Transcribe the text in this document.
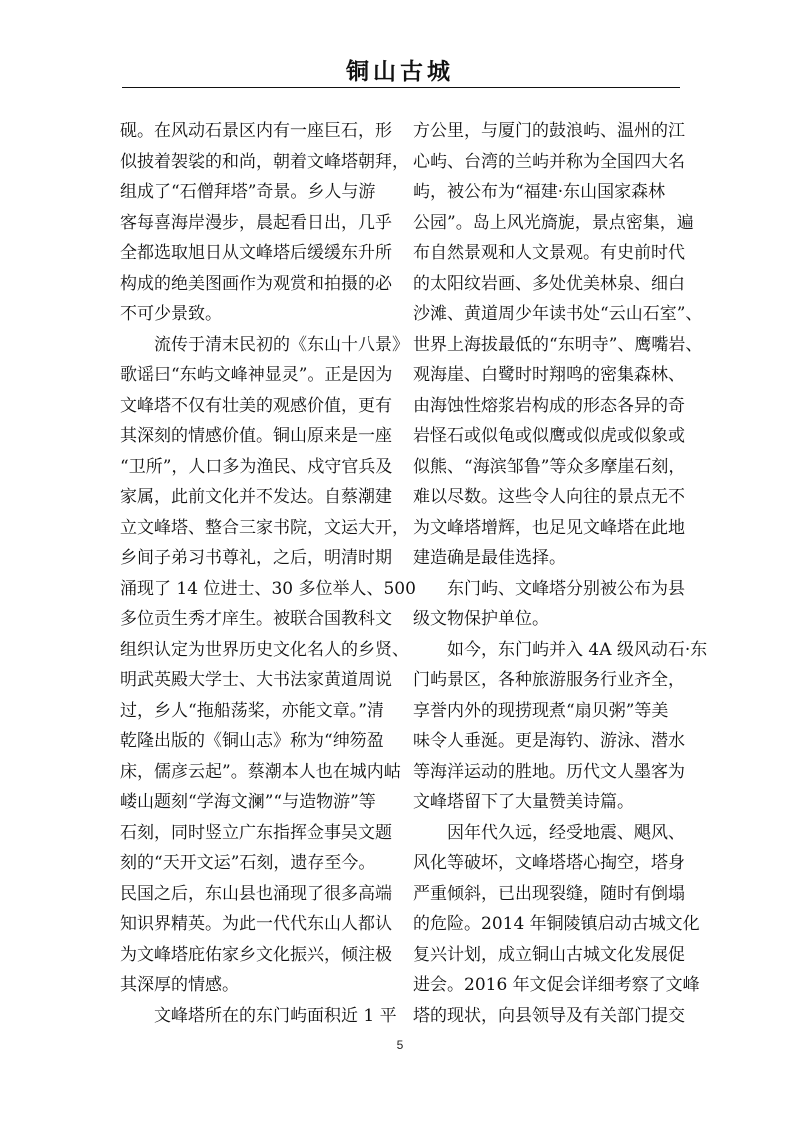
铜山古城
砚。在风动石景区内有一座巨石，形
似披着袈裟的和尚，朝着文峰塔朝拜，
组成了“石僧拜塔”奇景。乡人与游
客每喜海岸漫步，晨起看日出，几乎
全都选取旭日从文峰塔后缓缓东升所
构成的绝美图画作为观赏和拍摄的必
不可少景致。
　　流传于清末民初的《东山十八景》
歌谣曰“东屿文峰神显灵”。正是因为
文峰塔不仅有壮美的观感价值，更有
其深刻的情感价值。铜山原来是一座
“卫所”，人口多为渔民、戍守官兵及
家属，此前文化并不发达。自蔡潮建
立文峰塔、整合三家书院，文运大开，
乡间子弟习书尊礼，之后，明清时期
涌现了 14 位进士、30 多位举人、500
多位贡生秀才庠生。被联合国教科文
组织认定为世界历史文化名人的乡贤、
明武英殿大学士、大书法家黄道周说
过，乡人“拖船荡桨，亦能文章。”清
乾隆出版的《铜山志》称为“绅笏盈
床，儒彦云起”。蔡潮本人也在城内岵
嵝山题刻“学海文澜”“与造物游”等
石刻，同时竖立广东指挥佥事吴文题
刻的“天开文运”石刻，遗存至今。
民国之后，东山县也涌现了很多高端
知识界精英。为此一代代东山人都认
为文峰塔庇佑家乡文化振兴，倾注极
其深厚的情感。
　　文峰塔所在的东门屿面积近 1 平
方公里，与厦门的鼓浪屿、温州的江
心屿、台湾的兰屿并称为全国四大名
屿，被公布为“福建·东山国家森林
公园”。岛上风光旖旎，景点密集，遍
布自然景观和人文景观。有史前时代
的太阳纹岩画、多处优美林泉、细白
沙滩、黄道周少年读书处“云山石室”、
世界上海拔最低的“东明寺”、鹰嘴岩、
观海崖、白鹭时时翔鸣的密集森林、
由海蚀性熔浆岩构成的形态各异的奇
岩怪石或似龟或似鹰或似虎或似象或
似熊、“海滨邹鲁”等众多摩崖石刻，
难以尽数。这些令人向往的景点无不
为文峰塔增辉，也足见文峰塔在此地
建造确是最佳选择。
　　东门屿、文峰塔分别被公布为县
级文物保护单位。
　　如今，东门屿并入 4A 级风动石·东
门屿景区，各种旅游服务行业齐全，
享誉内外的现捞现煮“扇贝粥”等美
味令人垂涎。更是海钓、游泳、潜水
等海洋运动的胜地。历代文人墨客为
文峰塔留下了大量赞美诗篇。
　　因年代久远，经受地震、飓风、
风化等破坏，文峰塔塔心掏空，塔身
严重倾斜，已出现裂缝，随时有倒塌
的危险。2014 年铜陵镇启动古城文化
复兴计划，成立铜山古城文化发展促
进会。2016 年文促会详细考察了文峰
塔的现状，向县领导及有关部门提交
5
